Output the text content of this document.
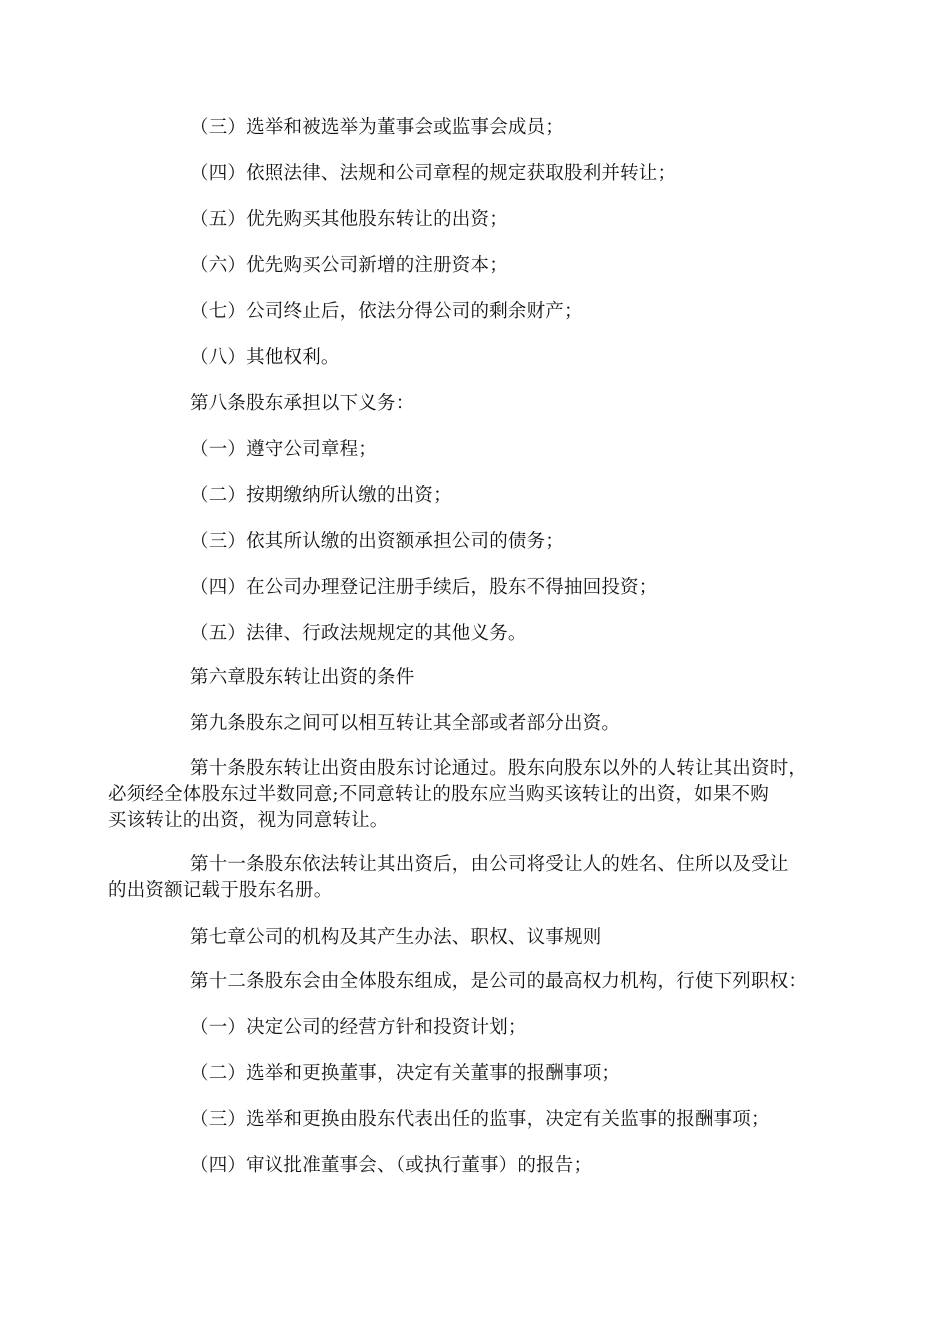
（三）选举和被选举为董事会或监事会成员；
（四）依照法律、法规和公司章程的规定获取股利并转让；
（五）优先购买其他股东转让的出资；
（六）优先购买公司新增的注册资本；
（七）公司终止后，依法分得公司的剩余财产；
（八）其他权利。
第八条股东承担以下义务：
（一）遵守公司章程；
（二）按期缴纳所认缴的出资；
（三）依其所认缴的出资额承担公司的债务；
（四）在公司办理登记注册手续后，股东不得抽回投资；
（五）法律、行政法规规定的其他义务。
第六章股东转让出资的条件
第九条股东之间可以相互转让其全部或者部分出资。
第十条股东转让出资由股东讨论通过。股东向股东以外的人转让其出资时，
必须经全体股东过半数同意;不同意转让的股东应当购买该转让的出资，如果不购
买该转让的出资，视为同意转让。
第十一条股东依法转让其出资后，由公司将受让人的姓名、住所以及受让
的出资额记载于股东名册。
第七章公司的机构及其产生办法、职权、议事规则
第十二条股东会由全体股东组成，是公司的最高权力机构，行使下列职权：
（一）决定公司的经营方针和投资计划；
（二）选举和更换董事，决定有关董事的报酬事项；
（三）选举和更换由股东代表出任的监事，决定有关监事的报酬事项；
（四）审议批准董事会、（或执行董事）的报告；
